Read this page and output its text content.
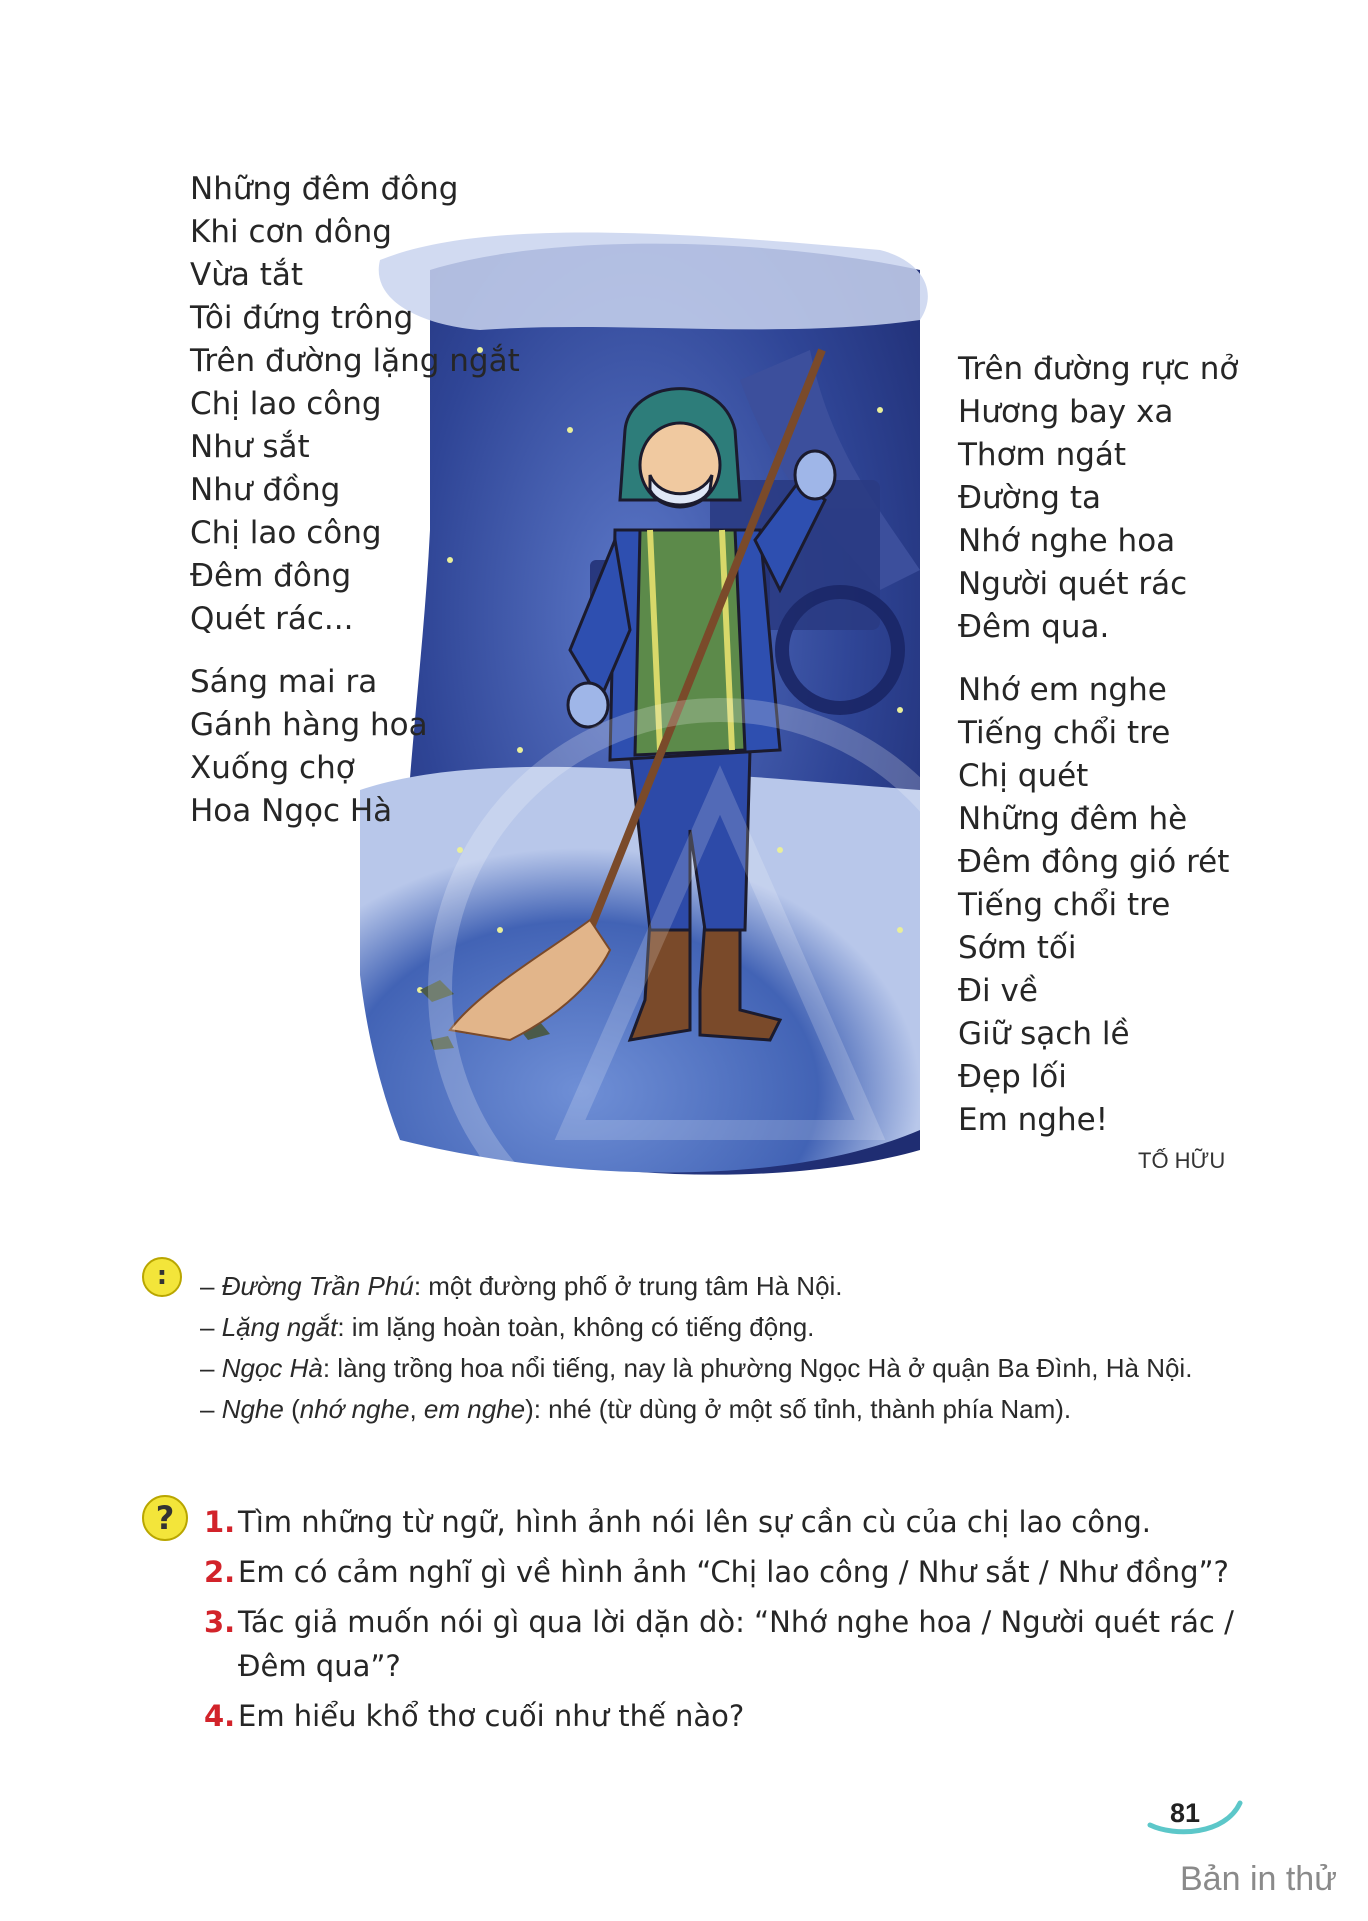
Những đêm đông
Khi cơn dông
Vừa tắt
Tôi đứng trông
Trên đường lặng ngắt
Chị lao công
Như sắt
Như đồng
Chị lao công
Đêm đông
Quét rác...
Sáng mai ra
Gánh hàng hoa
Xuống chợ
Hoa Ngọc Hà
Trên đường rực nở
Hương bay xa
Thơm ngát
Đường ta
Nhớ nghe hoa
Người quét rác
Đêm qua.
Nhớ em nghe
Tiếng chổi tre
Chị quét
Những đêm hè
Đêm đông gió rét
Tiếng chổi tre
Sớm tối
Đi về
Giữ sạch lề
Đẹp lối
Em nghe!
TỐ HỮU
:	– Đường Trần Phú: một đường phố ở trung tâm Hà Nội.

– Lặng ngắt: im lặng hoàn toàn, không có tiếng động.

– Ngọc Hà: làng trồng hoa nổi tiếng, nay là phường Ngọc Hà ở quận Ba Đình, Hà Nội.

– Nghe (nhớ nghe, em nghe): nhé (từ dùng ở một số tỉnh, thành phía Nam).

?	1.Tìm những từ ngữ, hình ảnh nói lên sự cần cù của chị lao công.
2.Em có cảm nghĩ gì về hình ảnh “Chị lao công / Như sắt / Như đồng”?
3.Tác giả muốn nói gì qua lời dặn dò: “Nhớ nghe hoa / Người quét rác /
Đêm qua”?
4.Em hiểu khổ thơ cuối như thế nào?
81
Bản in thử
